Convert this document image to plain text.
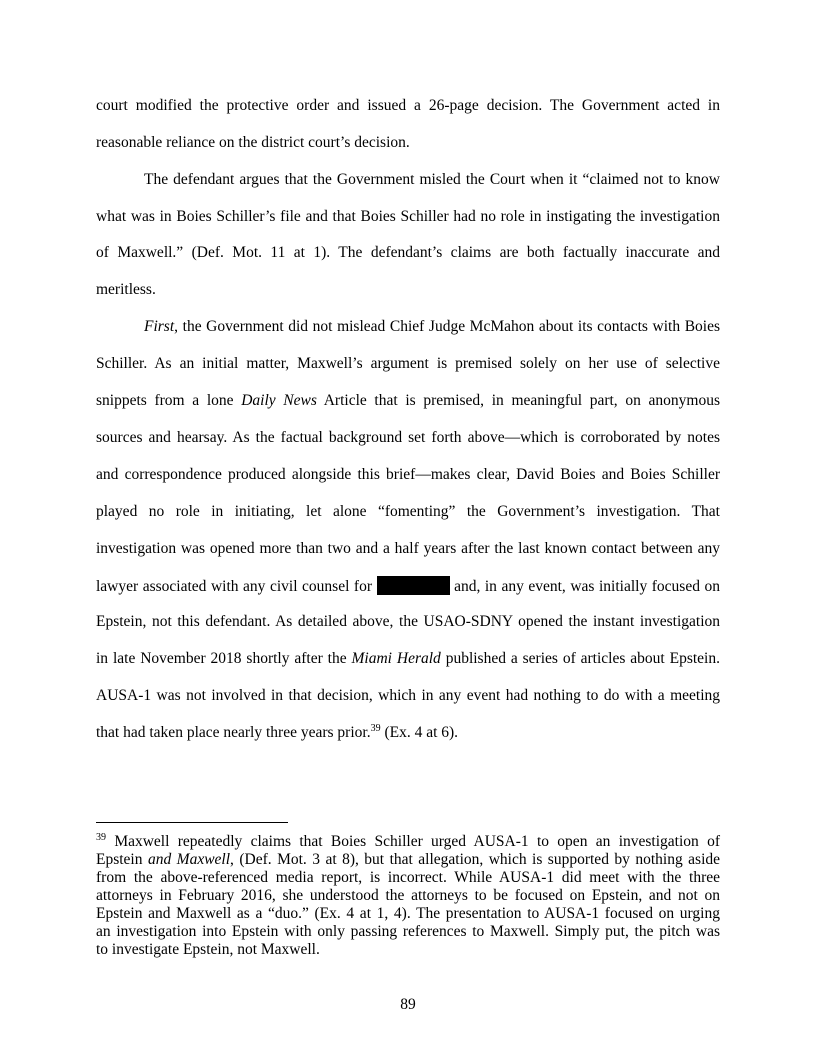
court modified the protective order and issued a 26-page decision. The Government acted in
reasonable reliance on the district court’s decision.
The defendant argues that the Government misled the Court when it “claimed not to know
what was in Boies Schiller’s file and that Boies Schiller had no role in instigating the investigation
of Maxwell.” (Def. Mot. 11 at 1). The defendant’s claims are both factually inaccurate and
meritless.
First, the Government did not mislead Chief Judge McMahon about its contacts with Boies
Schiller. As an initial matter, Maxwell’s argument is premised solely on her use of selective
snippets from a lone Daily News Article that is premised, in meaningful part, on anonymous
sources and hearsay. As the factual background set forth above—which is corroborated by notes
and correspondence produced alongside this brief—makes clear, David Boies and Boies Schiller
played no role in initiating, let alone “fomenting” the Government’s investigation. That
investigation was opened more than two and a half years after the last known contact between any
lawyer associated with any civil counsel for	and, in any event, was initially focused on
Epstein, not this defendant. As detailed above, the USAO-SDNY opened the instant investigation
in late November 2018 shortly after the Miami Herald published a series of articles about Epstein.
AUSA-1 was not involved in that decision, which in any event had nothing to do with a meeting
that had taken place nearly three years prior.$^{39}$ (Ex. 4 at 6).
$^{39}$ Maxwell repeatedly claims that Boies Schiller urged AUSA-1 to open an investigation of
Epstein and Maxwell, (Def. Mot. 3 at 8), but that allegation, which is supported by nothing aside
from the above-referenced media report, is incorrect. While AUSA-1 did meet with the three
attorneys in February 2016, she understood the attorneys to be focused on Epstein, and not on
Epstein and Maxwell as a “duo.” (Ex. 4 at 1, 4). The presentation to AUSA-1 focused on urging
an investigation into Epstein with only passing references to Maxwell. Simply put, the pitch was
to investigate Epstein, not Maxwell.
89
